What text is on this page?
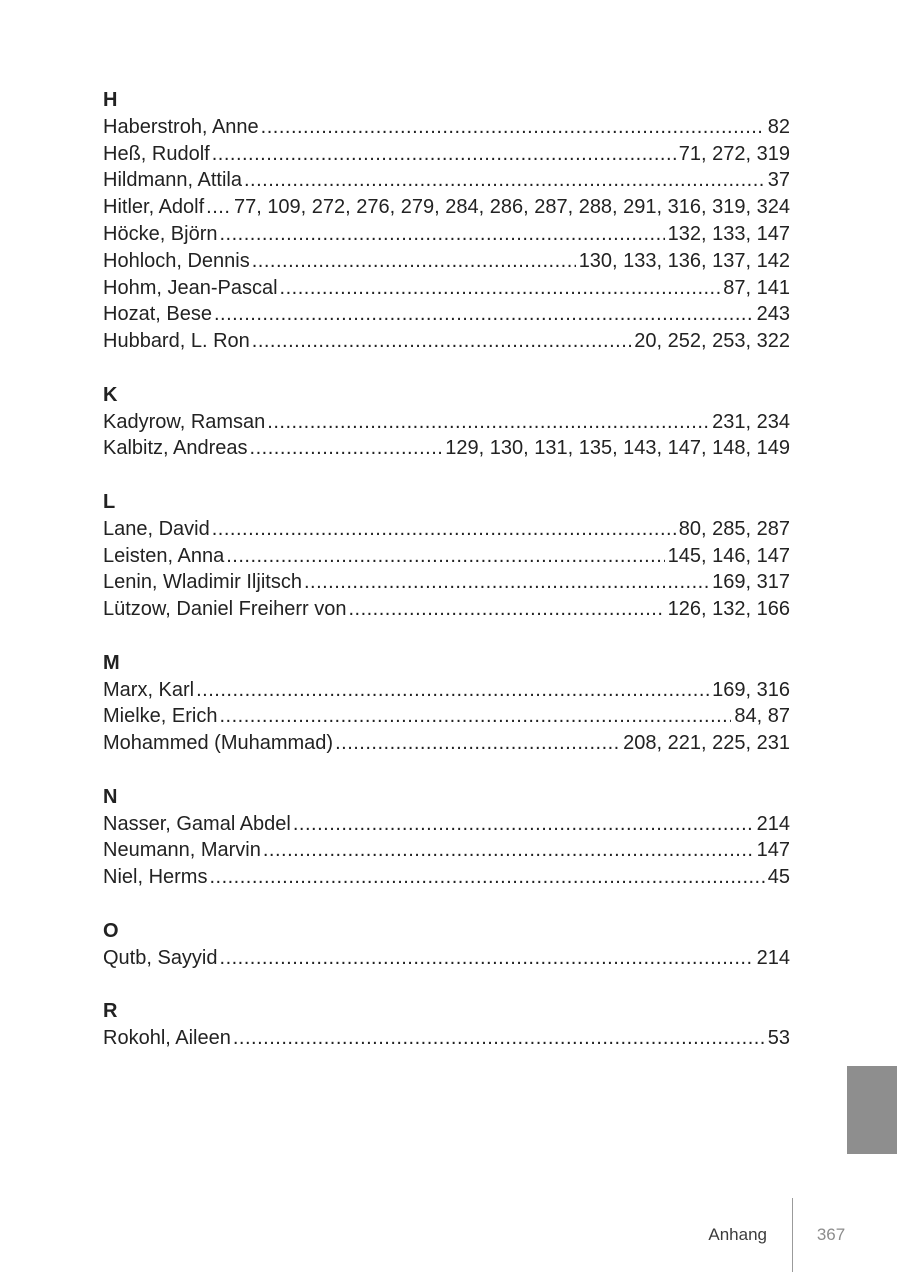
H
Haberstroh, Anne .....	82
Heß, Rudolf .....	71, 272, 319
Hildmann, Attila .....	37
Hitler, Adolf ..... 77, 109, 272, 276, 279, 284, 286, 287, 288, 291, 316, 319, 324
Höcke, Björn .....	132, 133, 147
Hohloch, Dennis .....	130, 133, 136, 137, 142
Hohm, Jean-Pascal .....	87, 141
Hozat, Bese .....	243
Hubbard, L. Ron .....	20, 252, 253, 322
K
Kadyrow, Ramsan .....	231, 234
Kalbitz, Andreas .....	129, 130, 131, 135, 143, 147, 148, 149
L
Lane, David .....	80, 285, 287
Leisten, Anna .....	145, 146, 147
Lenin, Wladimir Iljitsch .....	169, 317
Lützow, Daniel Freiherr von .....	126, 132, 166
M
Marx, Karl .....	169, 316
Mielke, Erich .....	84, 87
Mohammed (Muhammad) .....	208, 221, 225, 231
N
Nasser, Gamal Abdel .....	214
Neumann, Marvin .....	147
Niel, Herms .....	45
O
Qutb, Sayyid .....	214
R
Rokohl, Aileen .....	53
Anhang	367
